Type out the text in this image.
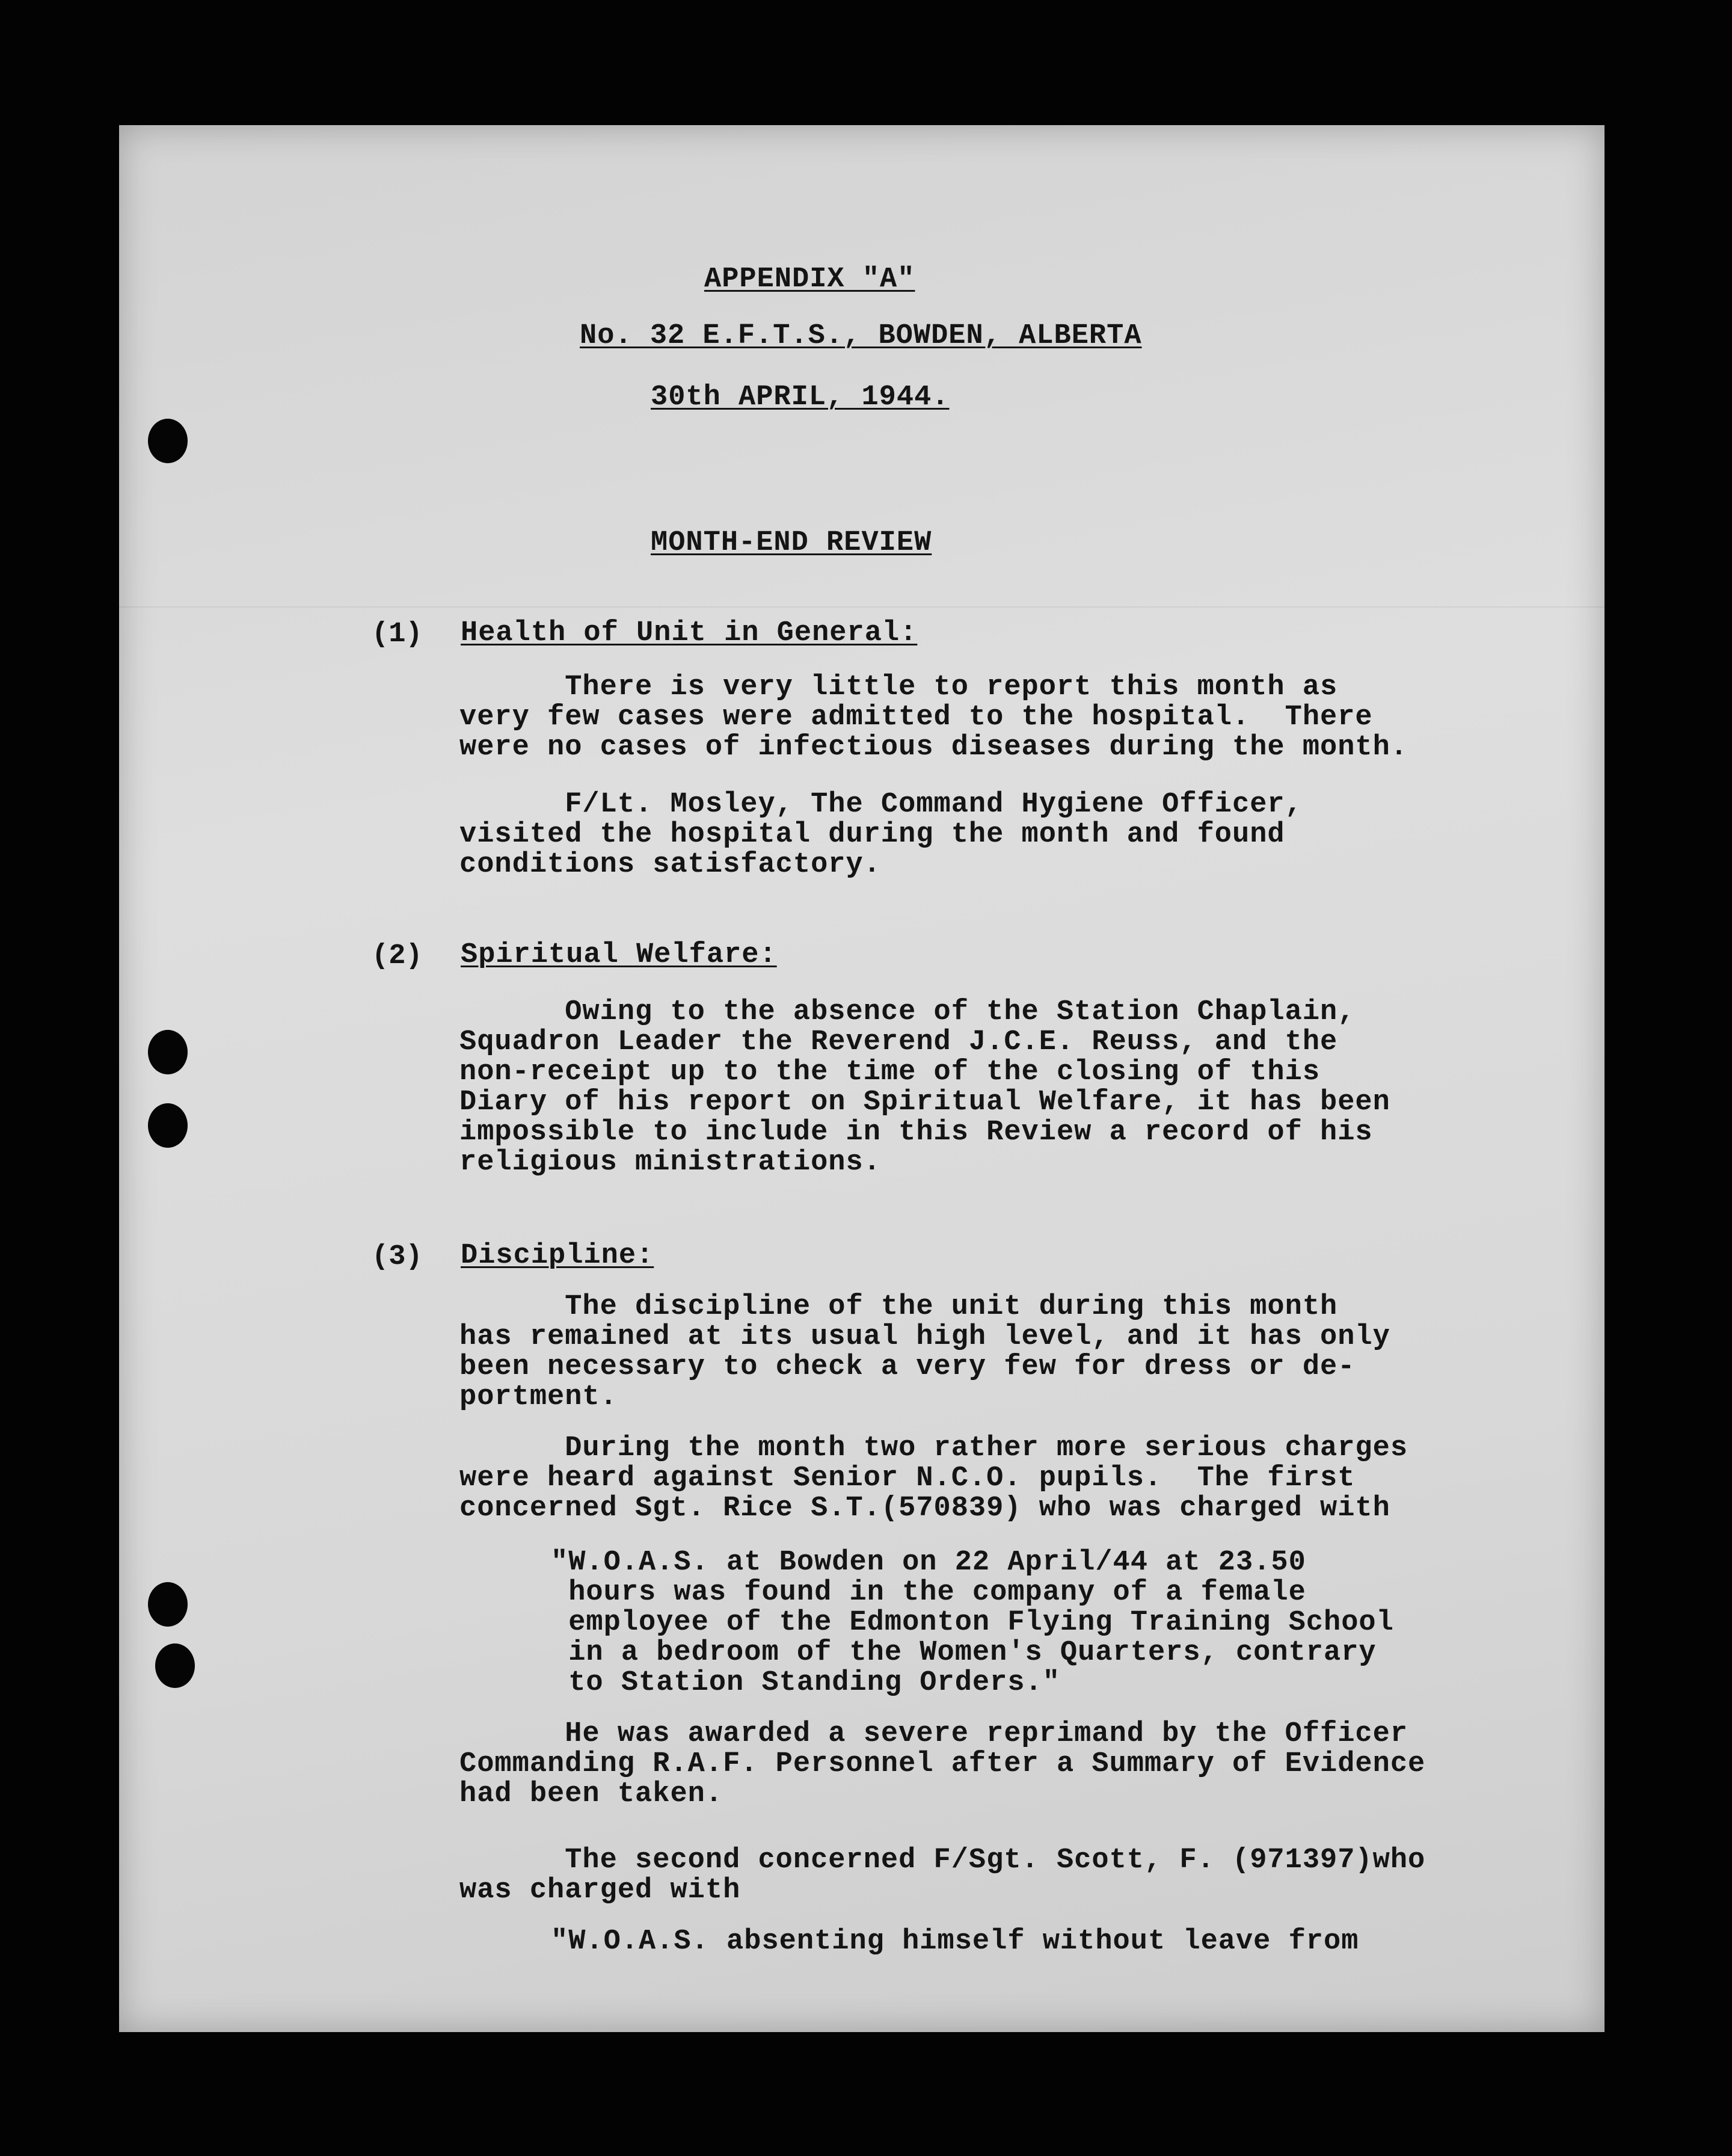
APPENDIX "A"
No. 32 E.F.T.S., BOWDEN, ALBERTA
30th APRIL, 1944.
MONTH-END REVIEW
(1) Health of Unit in General:
There is very little to report this month as
very few cases were admitted to the hospital.  There
were no cases of infectious diseases during the month.
F/Lt. Mosley, The Command Hygiene Officer,
visited the hospital during the month and found
conditions satisfactory.
(2) Spiritual Welfare:
Owing to the absence of the Station Chaplain,
Squadron Leader the Reverend J.C.E. Reuss, and the
non-receipt up to the time of the closing of this
Diary of his report on Spiritual Welfare, it has been
impossible to include in this Review a record of his
religious ministrations.
(3) Discipline:
The discipline of the unit during this month
has remained at its usual high level, and it has only
been necessary to check a very few for dress or de-
portment.
During the month two rather more serious charges
were heard against Senior N.C.O. pupils.  The first
concerned Sgt. Rice S.T.(570839) who was charged with
"W.O.A.S. at Bowden on 22 April/44 at 23.50
hours was found in the company of a female
employee of the Edmonton Flying Training School
in a bedroom of the Women's Quarters, contrary
to Station Standing Orders."
He was awarded a severe reprimand by the Officer
Commanding R.A.F. Personnel after a Summary of Evidence
had been taken.
The second concerned F/Sgt. Scott, F. (971397)who
was charged with
"W.O.A.S. absenting himself without leave from
